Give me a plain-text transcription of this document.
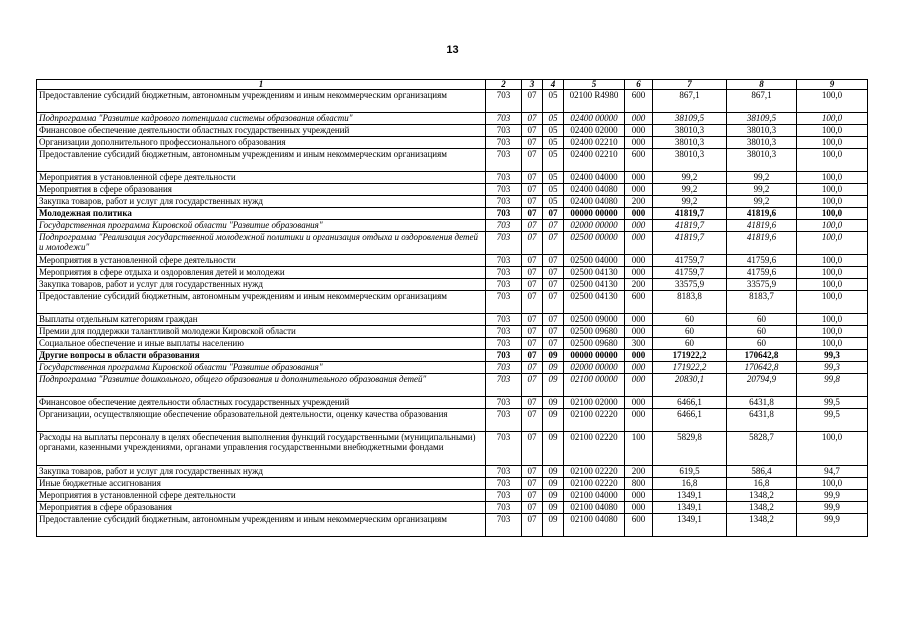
13
1	2	3	4	5	6	7	8	9
Предоставление субсидий бюджетным, автономным учреждениям и иным некоммерческим организациям	703	07	05	02100 R4980	600	867,1	867,1	100,0
Подпрограмма "Развитие кадрового потенциала системы образования области"	703	07	05	02400 00000	000	38109,5	38109,5	100,0
Финансовое обеспечение деятельности областных государственных учреждений	703	07	05	02400 02000	000	38010,3	38010,3	100,0
Организации дополнительного профессионального образования	703	07	05	02400 02210	000	38010,3	38010,3	100,0
Предоставление субсидий бюджетным, автономным учреждениям и иным некоммерческим организациям	703	07	05	02400 02210	600	38010,3	38010,3	100,0
Мероприятия в установленной сфере деятельности	703	07	05	02400 04000	000	99,2	99,2	100,0
Мероприятия в сфере образования	703	07	05	02400 04080	000	99,2	99,2	100,0
Закупка товаров, работ и услуг для государственных нужд	703	07	05	02400 04080	200	99,2	99,2	100,0
Молодежная политика	703	07	07	00000 00000	000	41819,7	41819,6	100,0
Государственная программа Кировской области "Развитие образования"	703	07	07	02000 00000	000	41819,7	41819,6	100,0
Подпрограмма "Реализация государственной молодежной политики и организация отдыха и оздоровления детей и молодежи"	703	07	07	02500 00000	000	41819,7	41819,6	100,0
Мероприятия в установленной сфере деятельности	703	07	07	02500 04000	000	41759,7	41759,6	100,0
Мероприятия в сфере отдыха и оздоровления детей и молодежи	703	07	07	02500 04130	000	41759,7	41759,6	100,0
Закупка товаров, работ и услуг для государственных нужд	703	07	07	02500 04130	200	33575,9	33575,9	100,0
Предоставление субсидий бюджетным, автономным учреждениям и иным некоммерческим организациям	703	07	07	02500 04130	600	8183,8	8183,7	100,0
Выплаты отдельным категориям граждан	703	07	07	02500 09000	000	60	60	100,0
Премии для поддержки талантливой молодежи Кировской области	703	07	07	02500 09680	000	60	60	100,0
Социальное обеспечение и иные выплаты населению	703	07	07	02500 09680	300	60	60	100,0
Другие вопросы в области образования	703	07	09	00000 00000	000	171922,2	170642,8	99,3
Государственная программа Кировской области "Развитие образования"	703	07	09	02000 00000	000	171922,2	170642,8	99,3
Подпрограмма "Развитие дошкольного, общего образования и дополнительного образования детей"	703	07	09	02100 00000	000	20830,1	20794,9	99,8
Финансовое обеспечение деятельности областных государственных учреждений	703	07	09	02100 02000	000	6466,1	6431,8	99,5
Организации, осуществляющие обеспечение образовательной деятельности, оценку качества образования	703	07	09	02100 02220	000	6466,1	6431,8	99,5
Расходы на выплаты персоналу в целях обеспечения выполнения функций государственными (муниципальными) органами, казенными учреждениями, органами управления государственными внебюджетными фондами	703	07	09	02100 02220	100	5829,8	5828,7	100,0
Закупка товаров, работ и услуг для государственных нужд	703	07	09	02100 02220	200	619,5	586,4	94,7
Иные бюджетные ассигнования	703	07	09	02100 02220	800	16,8	16,8	100,0
Мероприятия в установленной сфере деятельности	703	07	09	02100 04000	000	1349,1	1348,2	99,9
Мероприятия в сфере образования	703	07	09	02100 04080	000	1349,1	1348,2	99,9
Предоставление субсидий бюджетным, автономным учреждениям и иным некоммерческим организациям	703	07	09	02100 04080	600	1349,1	1348,2	99,9
